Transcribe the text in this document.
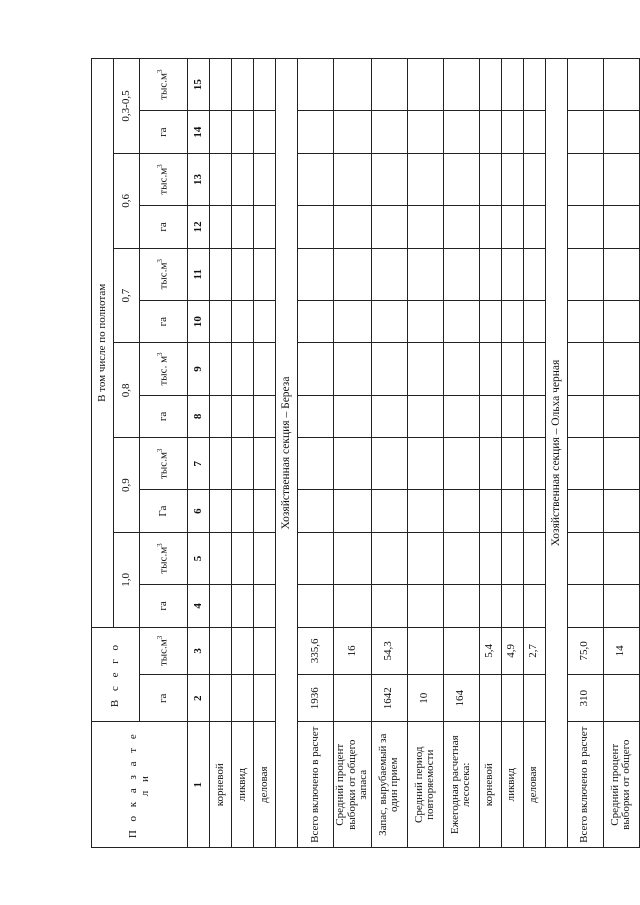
П о к а з а т е л и	В с е г о		В том числе по полнотам											
			1,0		0,9		0,8		0,7		0,6		0,3-0,5	
	га	$тыс.м^3$	га	$тыс.м^3$	Га	$тыс.м^3$	га	тыс. $м^3$	га	$тыс.м^3$	га	$тыс.м^3$	га	$тыс.м^3$
1	2	3	4	5	6	7	8	9	10	11	12	13	14	15
корневой														
ликвид														
деловая														
Хозяйственная секция – Береза														
Всего включено в расчет	1936	335,6												
Средний процент выборки от общего запаса		16												
Запас, вырубаемый за один прием	1642	54,3												
Средний период повторяемости	10													
Ежегодная расчетная лесосека:	164													
корневой		5,4												
ликвид		4,9												
деловая		2,7												
Хозяйственная секция – Ольха черная														
Всего включено в расчет	310	75,0												
Средний процент выборки от общего		14												
